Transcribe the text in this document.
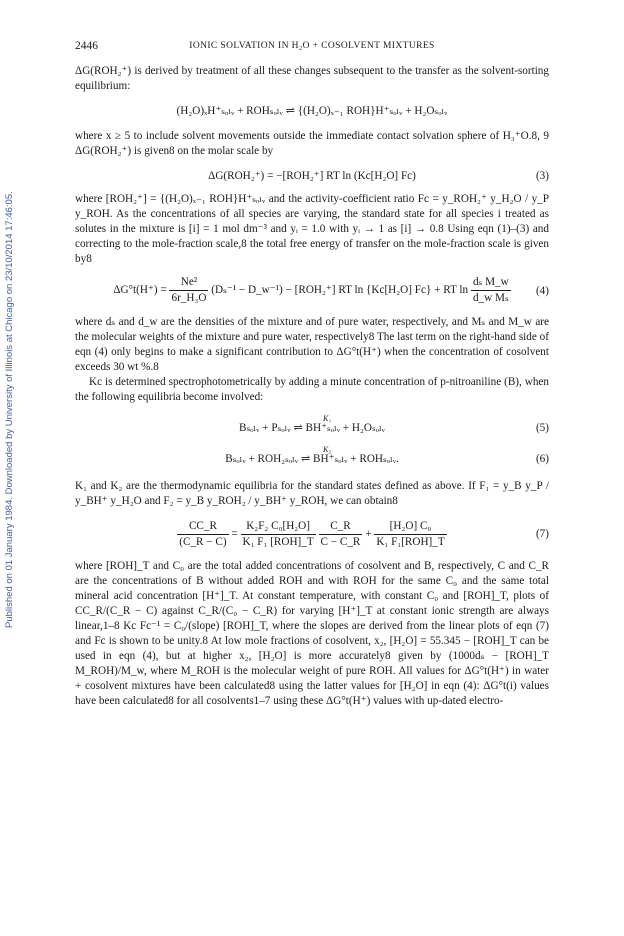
Published on 01 January 1984. Downloaded by University of Illinois at Chicago on 23/10/2014 17:46:05.
2446	IONIC SOLVATION IN H₂O + COSOLVENT MIXTURES

ΔG(ROH₂⁺) is derived by treatment of all these changes subsequent to the transfer as the solvent-sorting equilibrium:

(H₂O)ₓH⁺ₛₒₗᵥ + ROHₛₒₗᵥ ⇌ {(H₂O)ₓ₋₁ ROH}H⁺ₛₒₗᵥ + H₂Oₛₒₗᵥ

where x ≥ 5 to include solvent movements outside the immediate contact solvation sphere of H₃⁺O.8, 9 ΔG(ROH₂⁺) is given8 on the molar scale by

ΔG(ROH₂⁺) = −[ROH₂⁺] RT ln (Kc[H₂O] Fc)	(3)

where [ROH₂⁺] = {(H₂O)ₓ₋₁ ROH}H⁺ₛₒₗᵥ and the activity-coefficient ratio Fc = y_ROH₂⁺ y_H₂O / y_P y_ROH. As the concentrations of all species are varying, the standard state for all species i treated as solutes in the mixture is [i] = 1 mol dm⁻³ and yᵢ = 1.0 with yᵢ → 1 as [i] → 0.8 Using eqn (1)–(3) and correcting to the mole-fraction scale,8 the total free energy of transfer on the mole-fraction scale is given by8

$\Delta G^\circ t(H^+) = \frac{\text{Ne²}}{\text{6r\_H₃O}} (D_s^{-1}$ − D_w⁻¹) − [ROH₂⁺] RT ln {Kc[H₂O] Fc} + RT $\ln \frac{\text{dₛ M\_w}}{\text{d\_w Mₛ}} (4)$

where dₛ and d_w are the densities of the mixture and of pure water, respectively, and Mₛ and M_w are the molecular weights of the mixture and pure water, respectively8 The last term on the right-hand side of eqn (4) only begins to make a significant contribution to ΔG°t(H⁺) when the concentration of cosolvent exceeds 30 wt %.8

Kc is determined spectrophotometrically by adding a minute concentration of p-nitroaniline (B), when the following equilibria become involved:

Bₛₒₗᵥ + Pₛₒₗᵥ ⇌ BH⁺ₛₒₗᵥ + H₂Oₛₒₗᵥ	(5)
K₁
Bₛₒₗᵥ + ROH₂ₛₒₗᵥ ⇌ BH⁺ₛₒₗᵥ + ROHₛₒₗᵥ.	(6)
K₂

K₁ and K₂ are the thermodynamic equilibria for the standard states defined as above. If F₁ = y_B y_P / y_BH⁺ y_H₂O and F₂ = y_B y_ROH₂ / y_BH⁺ y_ROH, we can obtain8

$\frac{CC\_R}{(C\_R - C)} = \frac{\text{K₂F₂ C₀[H₂O]}}{\text{K₁ F₁ [ROH]\_T}}$
$\frac{C\_R}{C - C\_R} + \frac{\text{[H₂O] C₀}}{\text{K₁ F₁[ROH]\_T}}$	(7)

where [ROH]_T and C₀ are the total added concentrations of cosolvent and B, respectively, C and C_R are the concentrations of B without added ROH and with ROH for the same C₀ and the same total mineral acid concentration [H⁺]_T. At constant temperature, with constant C₀ and [ROH]_T, plots of CC_R/(C_R − C) against C_R/(C₀ − C_R) for varying [H⁺]_T at constant ionic strength are always linear,1–8 Kc Fc⁻¹ = C₀/(slope) [ROH]_T, where the slopes are derived from the linear plots of eqn (7) and Fc is shown to be unity.8 At low mole fractions of cosolvent, x₂, [H₂O] = 55.345 − [ROH]_T can be used in eqn (4), but at higher x₂, [H₂O] is more accurately8 given by (1000dₛ − [ROH]_T M_ROH)/M_w, where M_ROH is the molecular weight of pure ROH. All values for ΔG°t(H⁺) in water + cosolvent mixtures have been calculated8 using the latter values for [H₂O] in eqn (4): ΔG°t(i) values have been calculated8 for all cosolvents1–7 using these ΔG°t(H⁺) values with up-dated electro-
